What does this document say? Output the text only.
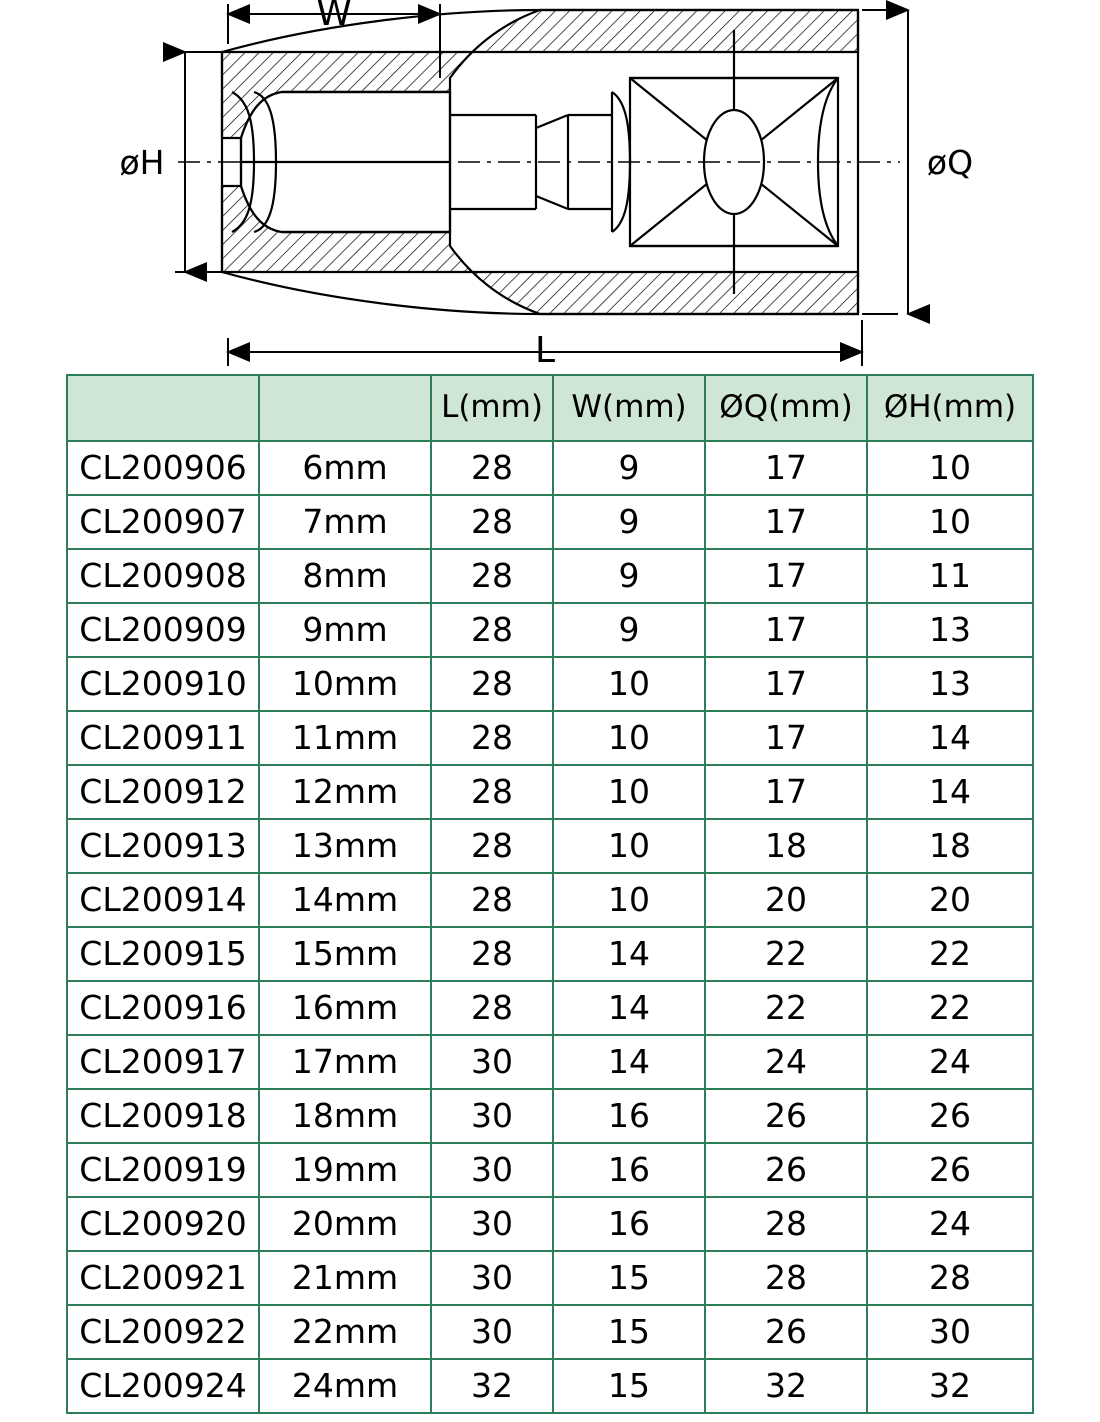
W
øH	øQ
L
		L(mm)	W(mm)	ØQ(mm)	ØH(mm)
CL200906	6mm	28	9	17	10
CL200907	7mm	28	9	17	10
CL200908	8mm	28	9	17	11
CL200909	9mm	28	9	17	13
CL200910	10mm	28	10	17	13
CL200911	11mm	28	10	17	14
CL200912	12mm	28	10	17	14
CL200913	13mm	28	10	18	18
CL200914	14mm	28	10	20	20
CL200915	15mm	28	14	22	22
CL200916	16mm	28	14	22	22
CL200917	17mm	30	14	24	24
CL200918	18mm	30	16	26	26
CL200919	19mm	30	16	26	26
CL200920	20mm	30	16	28	24
CL200921	21mm	30	15	28	28
CL200922	22mm	30	15	26	30
CL200924	24mm	32	15	32	32
